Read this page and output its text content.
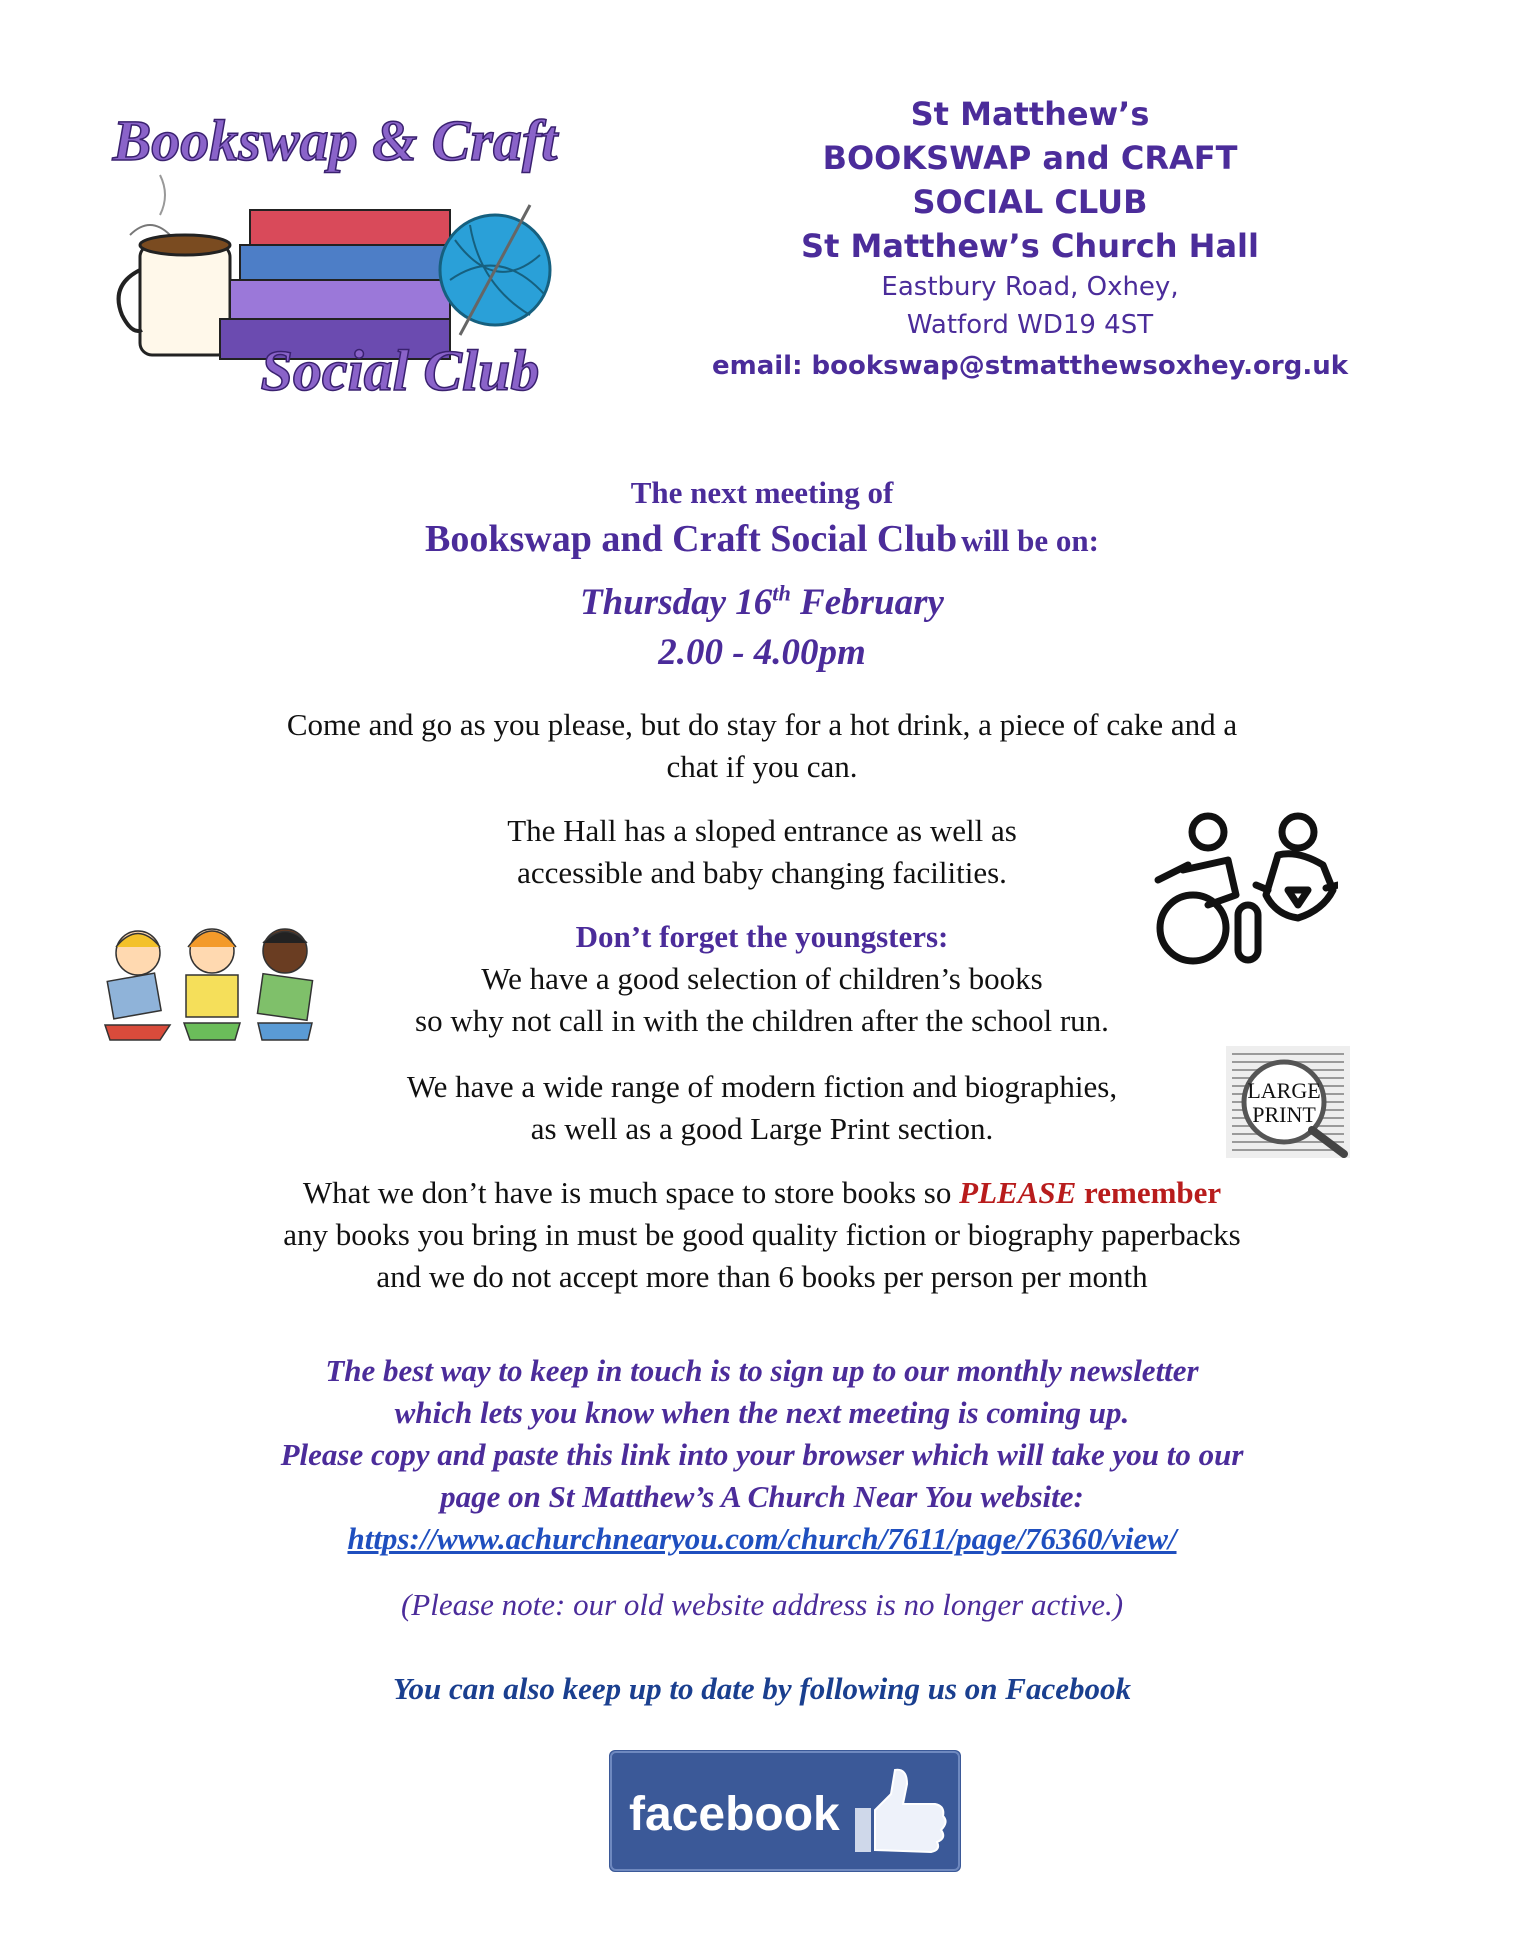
Bookswap & Craft
Social Club
St Matthew’s
BOOKSWAP and CRAFT
SOCIAL CLUB
St Matthew’s Church Hall
Eastbury Road, Oxhey,
Watford WD19 4ST
email: bookswap@stmatthewsoxhey.org.uk
The next meeting of
Bookswap and Craft Social Club will be on:
Thursday 16th February
2.00 - 4.00pm
Come and go as you please, but do stay for a hot drink, a piece of cake and a
chat if you can.
The Hall has a sloped entrance as well as
accessible and baby changing facilities.
Don’t forget the youngsters:
We have a good selection of children’s books
so why not call in with the children after the school run.
We have a wide range of modern fiction and biographies,
as well as a good Large Print section.
LARGE
PRINT
What we don’t have is much space to store books so PLEASE remember
any books you bring in must be good quality fiction or biography paperbacks
and we do not accept more than 6 books per person per month
The best way to keep in touch is to sign up to our monthly newsletter
which lets you know when the next meeting is coming up.
Please copy and paste this link into your browser which will take you to our
page on St Matthew’s A Church Near You website:
https://www.achurchnearyou.com/church/7611/page/76360/view/
(Please note: our old website address is no longer active.)
You can also keep up to date by following us on Facebook
facebook
